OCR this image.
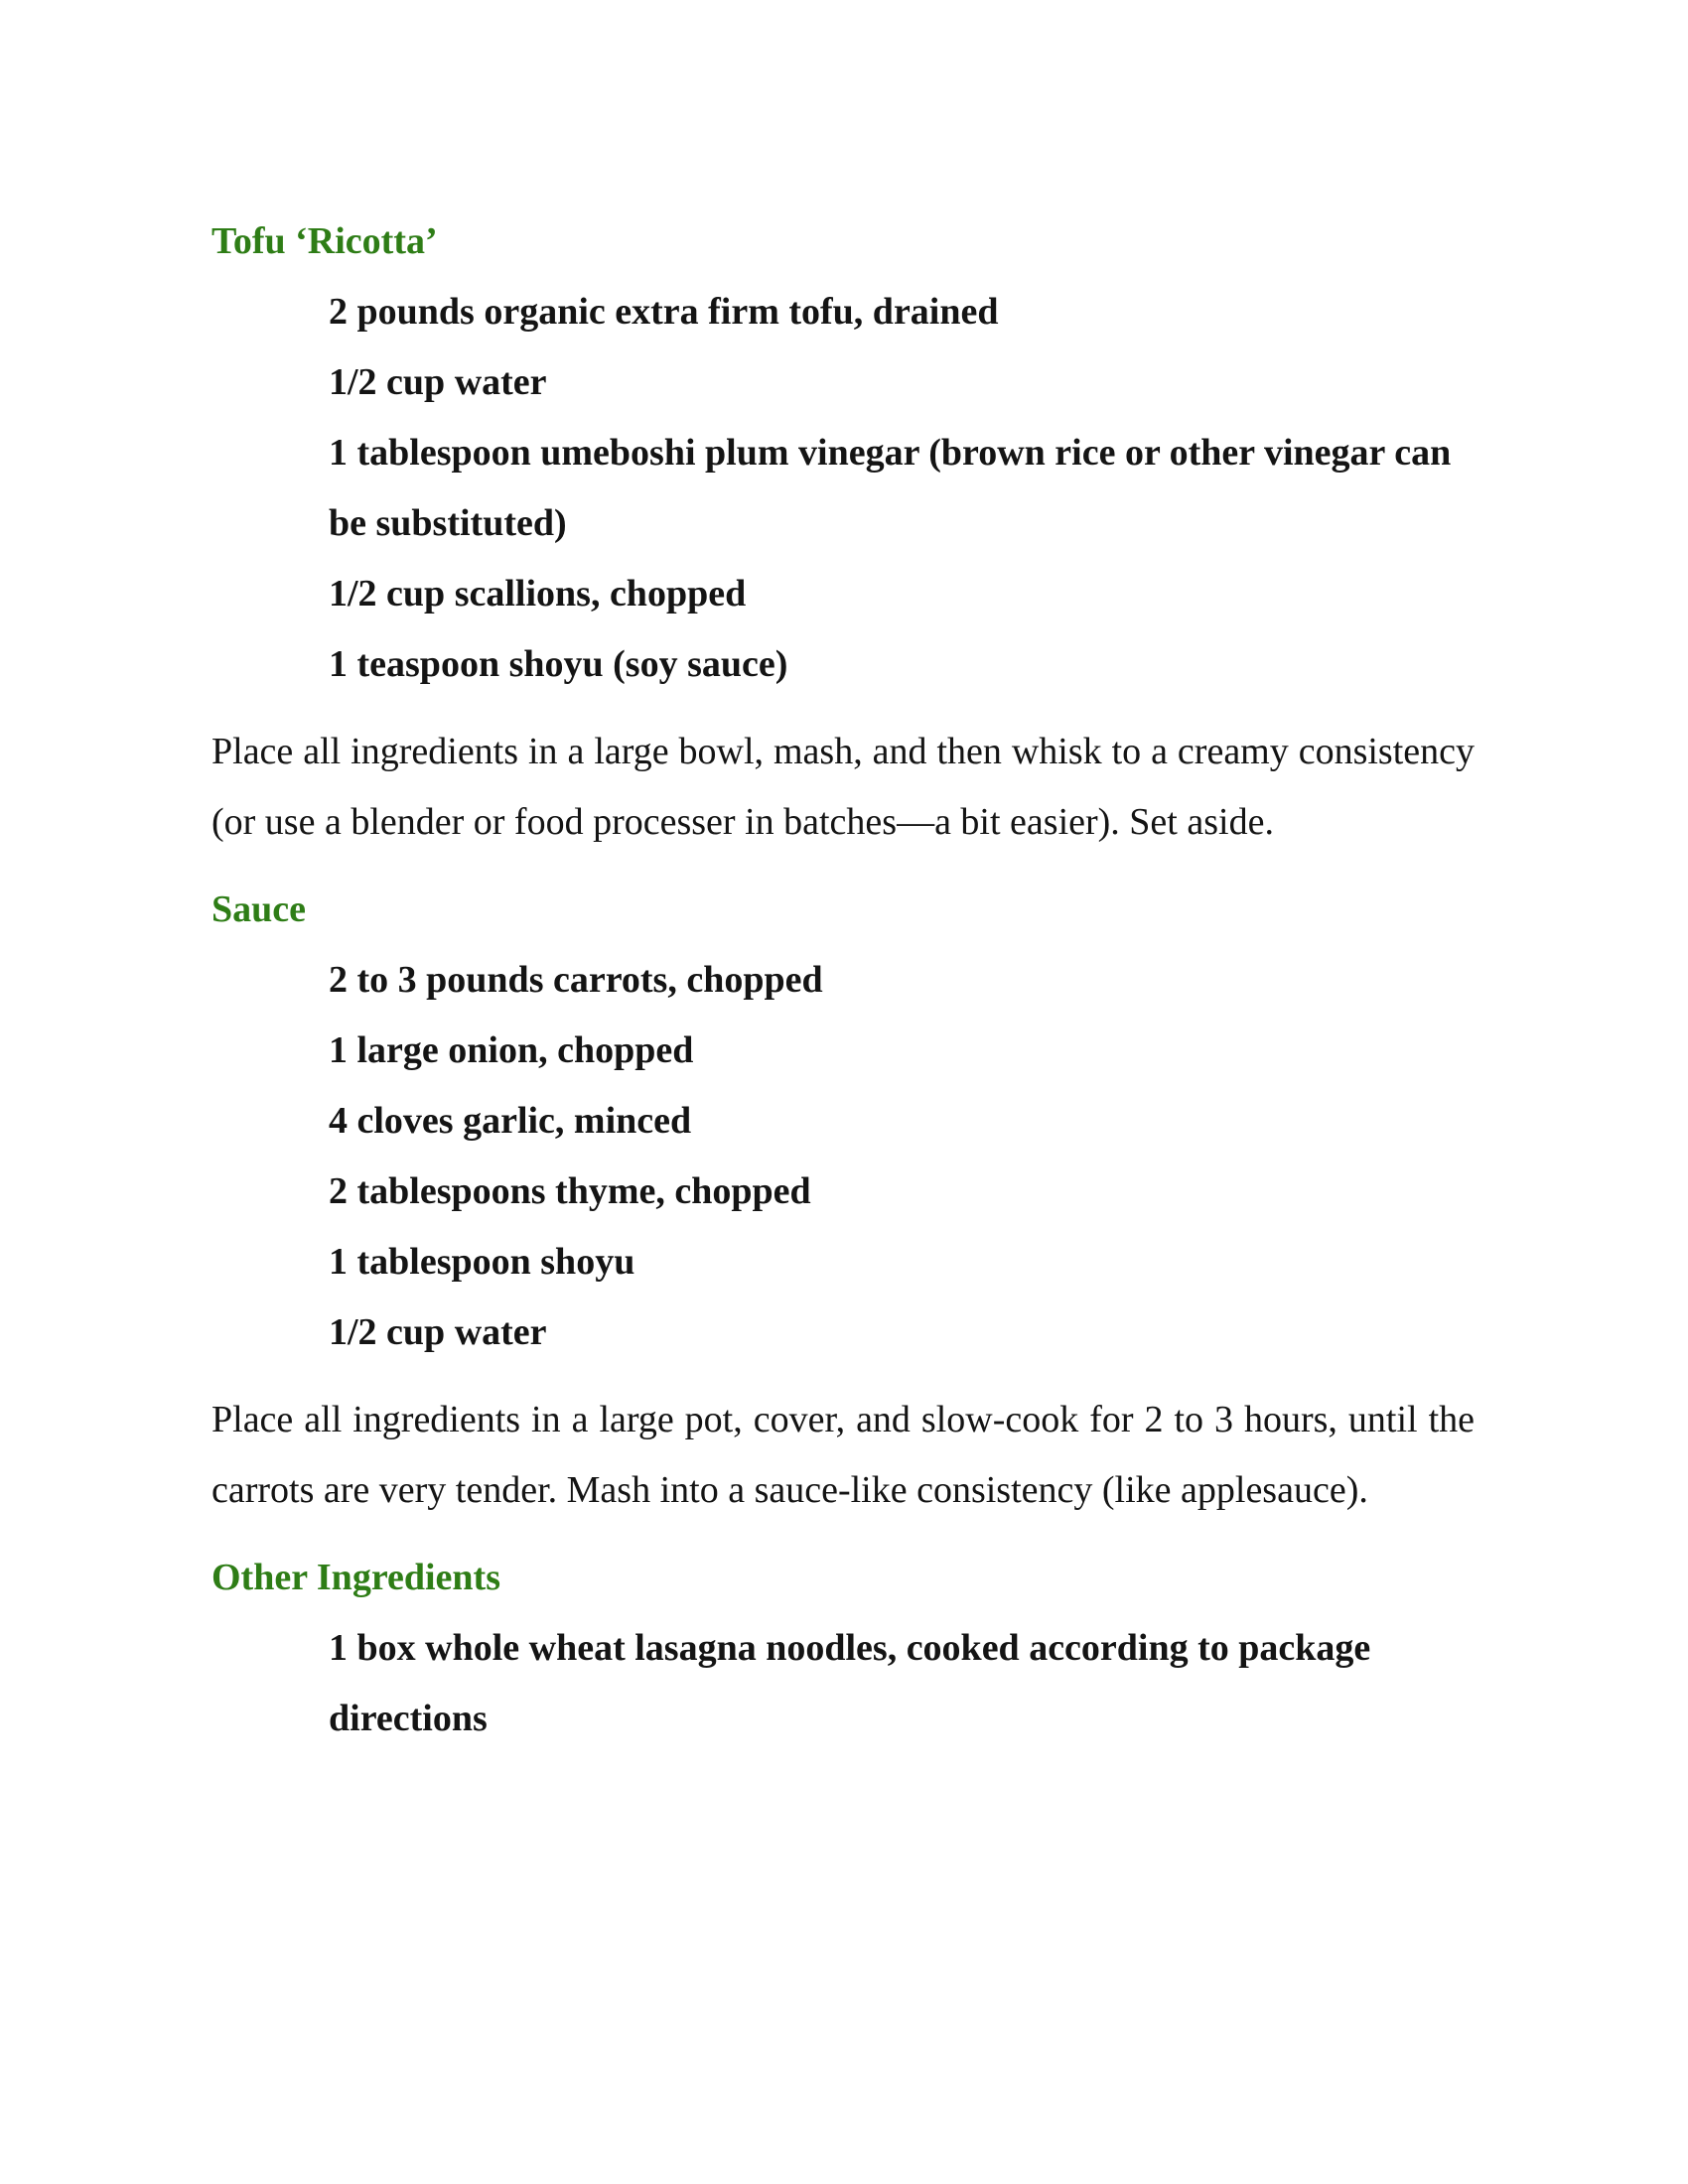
Tofu ‘Ricotta’
2 pounds organic extra firm tofu, drained
1/2 cup water
1 tablespoon umeboshi plum vinegar (brown rice or other vinegar can be substituted)
1/2 cup scallions, chopped
1 teaspoon shoyu (soy sauce)

Place all ingredients in a large bowl, mash, and then whisk to a creamy consistency (or use a blender or food processer in batches—a bit easier). Set aside.

Sauce
2 to 3 pounds carrots, chopped
1 large onion, chopped
4 cloves garlic, minced
2 tablespoons thyme, chopped
1 tablespoon shoyu
1/2 cup water

Place all ingredients in a large pot, cover, and slow-cook for 2 to 3 hours, until the carrots are very tender. Mash into a sauce-like consistency (like applesauce).

Other Ingredients
1 box whole wheat lasagna noodles, cooked according to package directions
